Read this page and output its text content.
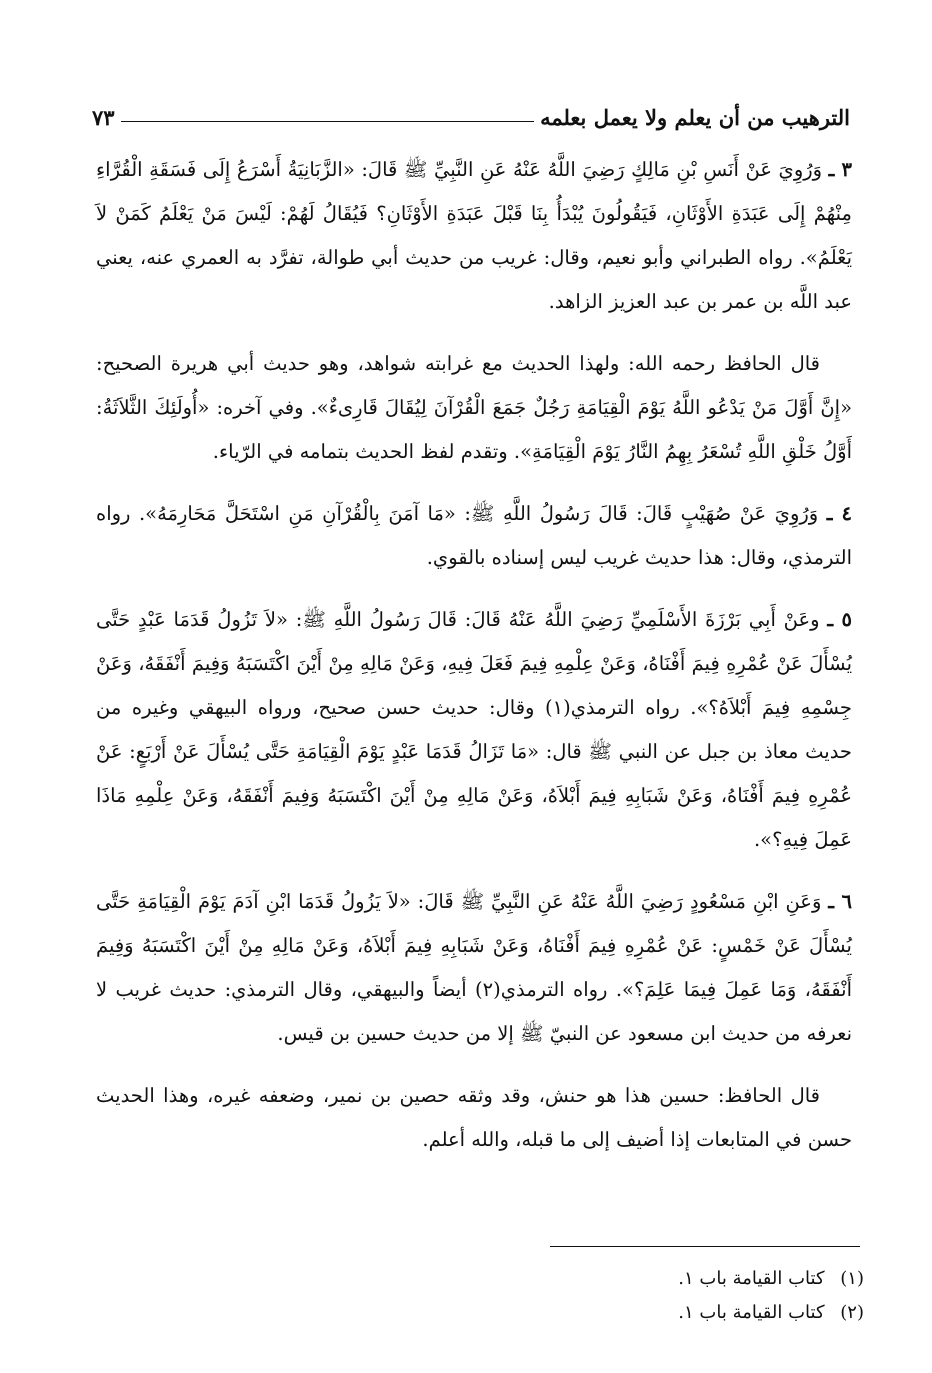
الترهيب من أن يعلم ولا يعمل بعلمه
٧٣

٣ ـ وَرُوِيَ عَنْ أَنَسِ بْنِ مَالِكٍ رَضِيَ اللَّهُ عَنْهُ عَنِ النَّبِيِّ ﷺ قَالَ: «الزَّبَانِيَةُ أَسْرَعُ إِلَى فَسَقَةِ الْقُرَّاءِ مِنْهُمْ إِلَى عَبَدَةِ الأَوْثَانِ، فَيَقُولُونَ يُبْدَأُ بِنَا قَبْلَ عَبَدَةِ الأَوْثَانِ؟ فَيُقَالُ لَهُمْ: لَيْسَ مَنْ يَعْلَمُ كَمَنْ لاَ يَعْلَمُ». رواه الطبراني وأبو نعيم، وقال: غريب من حديث أبي طوالة، تفرَّد به العمري عنه، يعني عبد اللَّه بن عمر بن عبد العزيز الزاهد.

قال الحافظ رحمه الله: ولهذا الحديث مع غرابته شواهد، وهو حديث أبي هريرة الصحيح: «إِنَّ أَوَّلَ مَنْ يَدْعُو اللَّهُ يَوْمَ الْقِيَامَةِ رَجُلٌ جَمَعَ الْقُرْآنَ لِيُقَالَ قَارِىءٌ». وفي آخره: «أُولَئِكَ الثَّلاَثَةُ: أَوَّلُ خَلْقِ اللَّهِ تُسْعَرُ بِهِمُ النَّارُ يَوْمَ الْقِيَامَةِ». وتقدم لفظ الحديث بتمامه في الرّياء.

٤ ـ وَرُوِيَ عَنْ صُهَيْبٍ قَالَ: قَالَ رَسُولُ اللَّهِ ﷺ: «مَا آمَنَ بِالْقُرْآنِ مَنِ اسْتَحَلَّ مَحَارِمَهُ». رواه الترمذي، وقال: هذا حديث غريب ليس إسناده بالقوي.

٥ ـ وعَنْ أَبِي بَرْزَةَ الأَسْلَمِيِّ رَضِيَ اللَّهُ عَنْهُ قَالَ: قَالَ رَسُولُ اللَّهِ ﷺ: «لاَ تَزُولُ قَدَمَا عَبْدٍ حَتَّى يُسْأَلَ عَنْ عُمْرِهِ فِيمَ أَفْنَاهُ، وَعَنْ عِلْمِهِ فِيمَ فَعَلَ فِيهِ، وَعَنْ مَالِهِ مِنْ أَيْنَ اكْتَسَبَهُ وَفِيمَ أَنْفَقَهُ، وَعَنْ جِسْمِهِ فِيمَ أَبْلاَهُ؟». رواه الترمذي(١) وقال: حديث حسن صحيح، ورواه البيهقي وغيره من حديث معاذ بن جبل عن النبي ﷺ قال: «مَا تَزَالُ قَدَمَا عَبْدٍ يَوْمَ الْقِيَامَةِ حَتَّى يُسْأَلَ عَنْ أَرْبَعٍ: عَنْ عُمْرِهِ فِيمَ أَفْنَاهُ، وَعَنْ شَبَابِهِ فِيمَ أَبْلاَهُ، وَعَنْ مَالِهِ مِنْ أَيْنَ اكْتَسَبَهُ وَفِيمَ أَنْفَقَهُ، وَعَنْ عِلْمِهِ مَاذَا عَمِلَ فِيهِ؟».

٦ ـ وَعَنِ ابْنِ مَسْعُودٍ رَضِيَ اللَّهُ عَنْهُ عَنِ النَّبِيِّ ﷺ قَالَ: «لاَ يَزُولُ قَدَمَا ابْنِ آدَمَ يَوْمَ الْقِيَامَةِ حَتَّى يُسْأَلَ عَنْ خَمْسٍ: عَنْ عُمْرِهِ فِيمَ أَفْنَاهُ، وَعَنْ شَبَابِهِ فِيمَ أَبْلاَهُ، وَعَنْ مَالِهِ مِنْ أَيْنَ اكْتَسَبَهُ وَفِيمَ أَنْفَقَهُ، وَمَا عَمِلَ فِيمَا عَلِمَ؟». رواه الترمذي(٢) أيضاً والبيهقي، وقال الترمذي: حديث غريب لا نعرفه من حديث ابن مسعود عن النبيّ ﷺ إلا من حديث حسين بن قيس.

قال الحافظ: حسين هذا هو حنش، وقد وثقه حصين بن نمير، وضعفه غيره، وهذا الحديث حسن في المتابعات إذا أضيف إلى ما قبله، والله أعلم.

(١) كتاب القيامة باب ١.
(٢) كتاب القيامة باب ١.
